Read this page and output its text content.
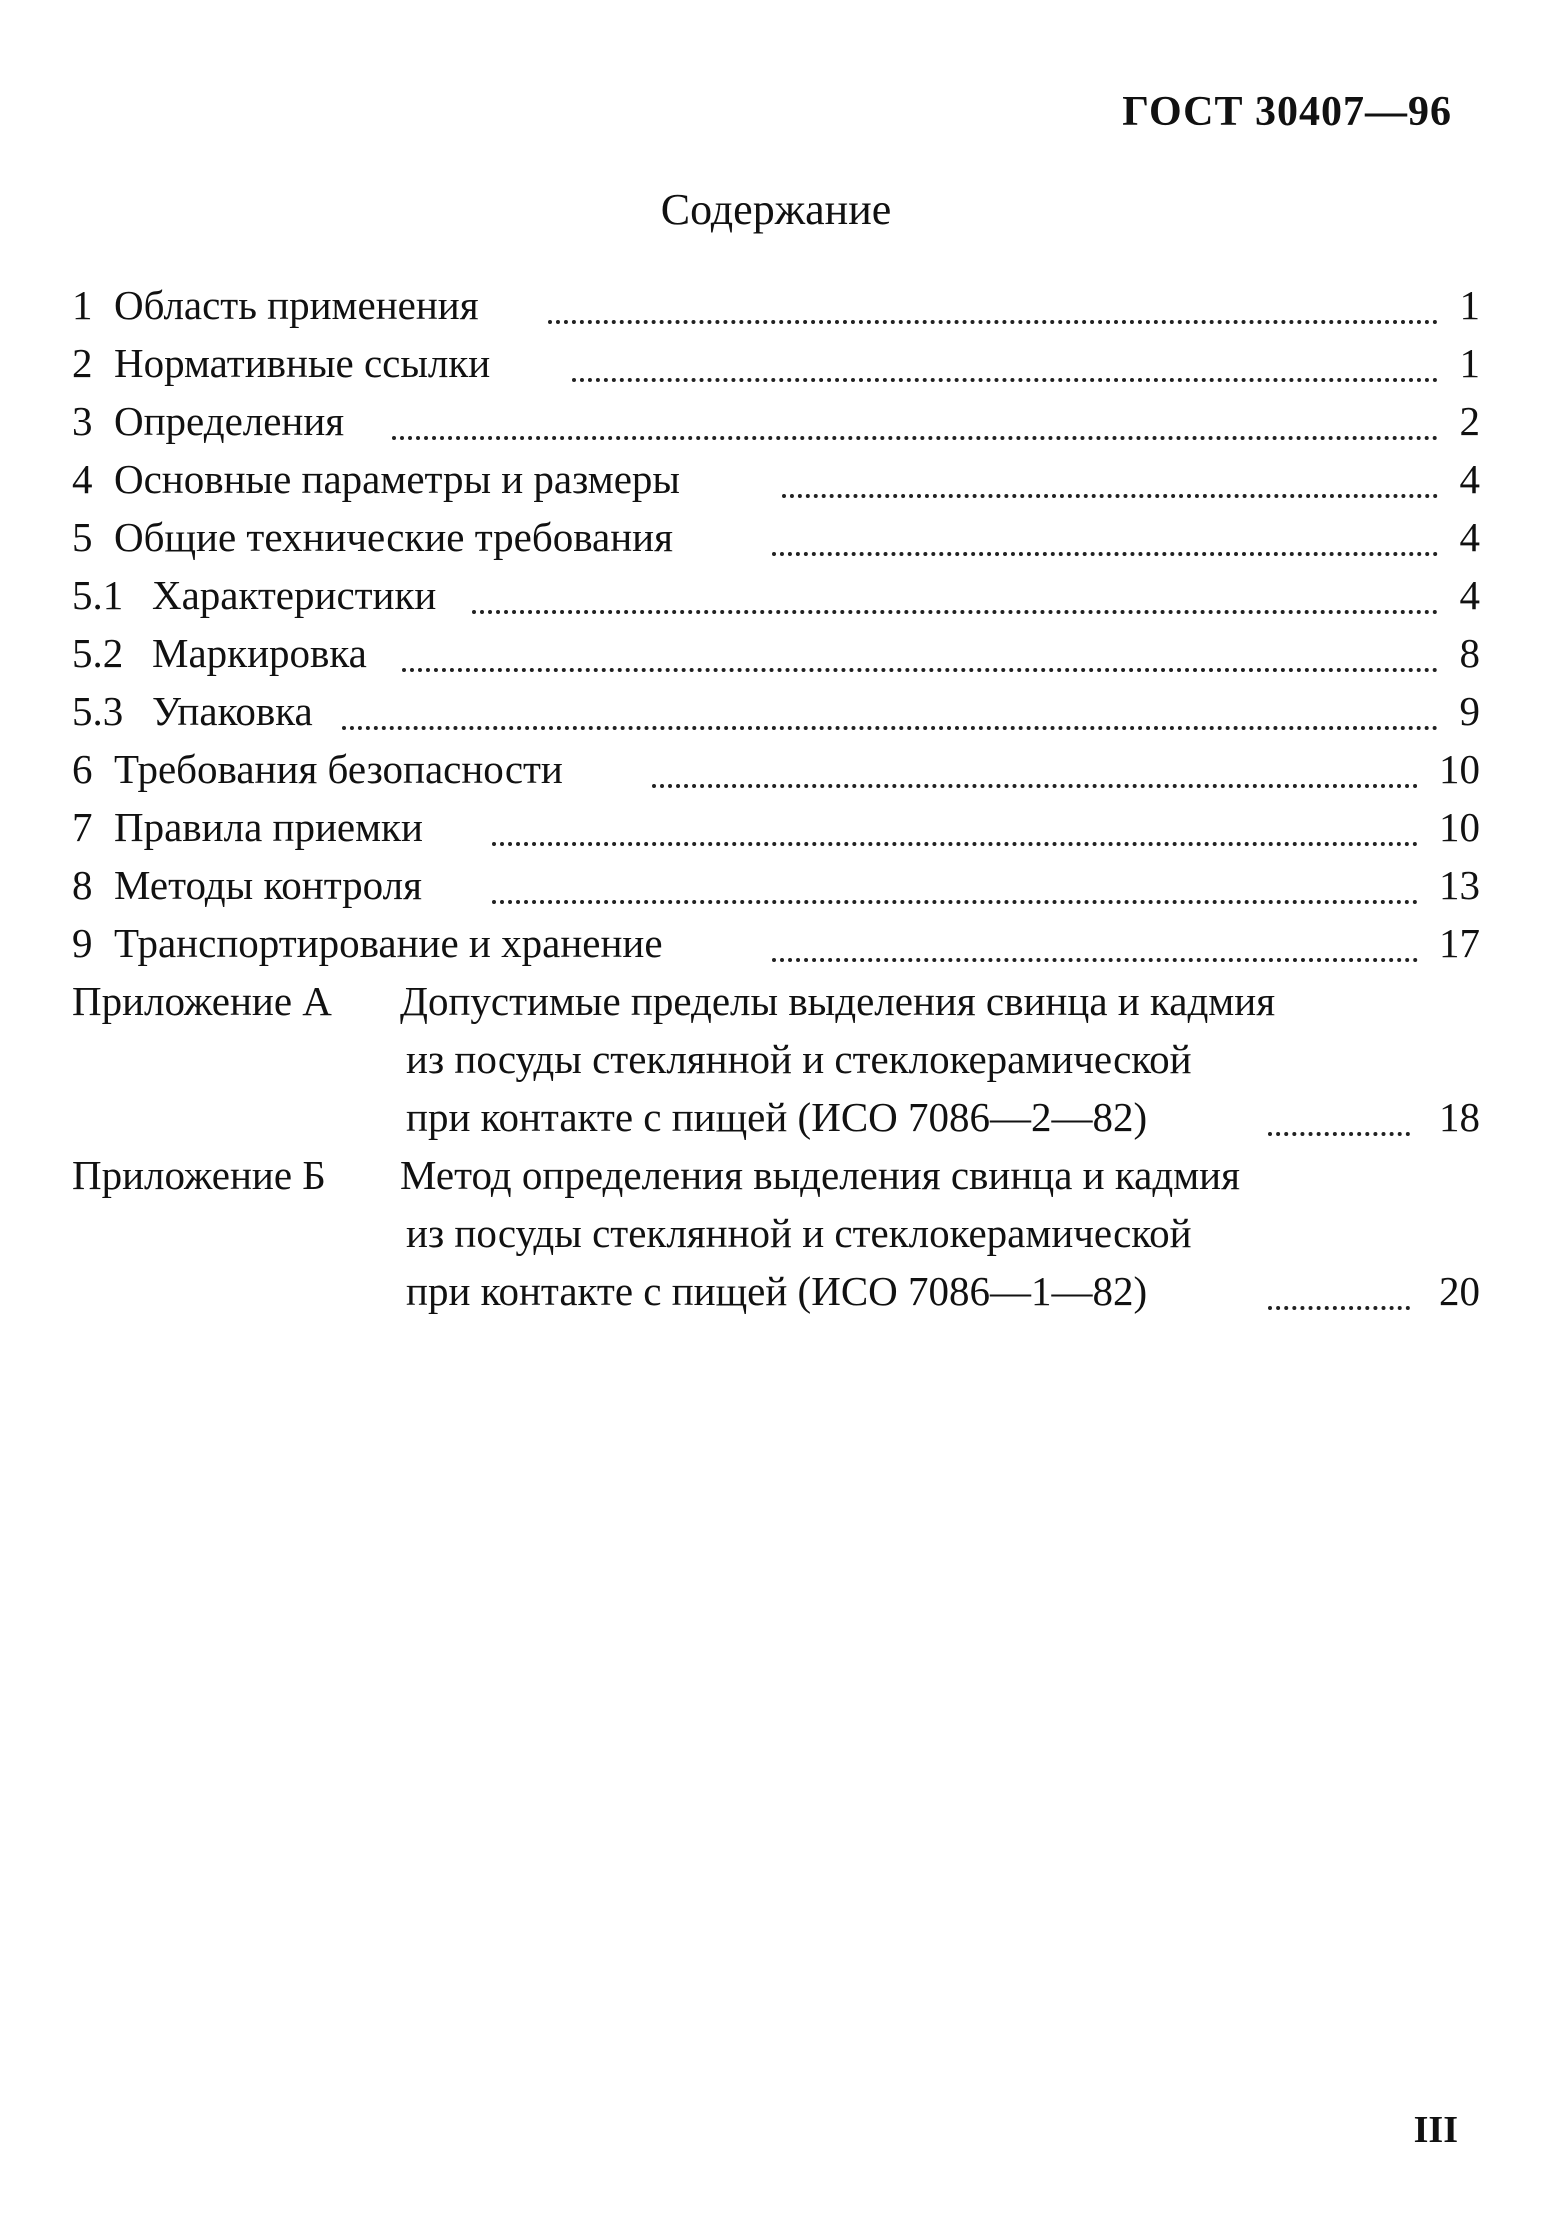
ГОСТ 30407—96
Содержание
1 Область применения	1
2 Нормативные ссылки	1
3 Определения	2
4 Основные параметры и размеры	4
5 Общие технические требования	4
5.1 Характеристики	4
5.2 Маркировка	8
5.3 Упаковка	9
6 Требования безопасности	10
7 Правила приемки	10
8 Методы контроля	13
9 Транспортирование и хранение	17
Приложение А Допустимые пределы выделения свинца и кадмия
из посуды стеклянной и стеклокерамической
при контакте с пищей (ИСО 7086—2—82)	18
Приложение Б Метод определения выделения свинца и кадмия
из посуды стеклянной и стеклокерамической
при контакте с пищей (ИСО 7086—1—82)	20
III
